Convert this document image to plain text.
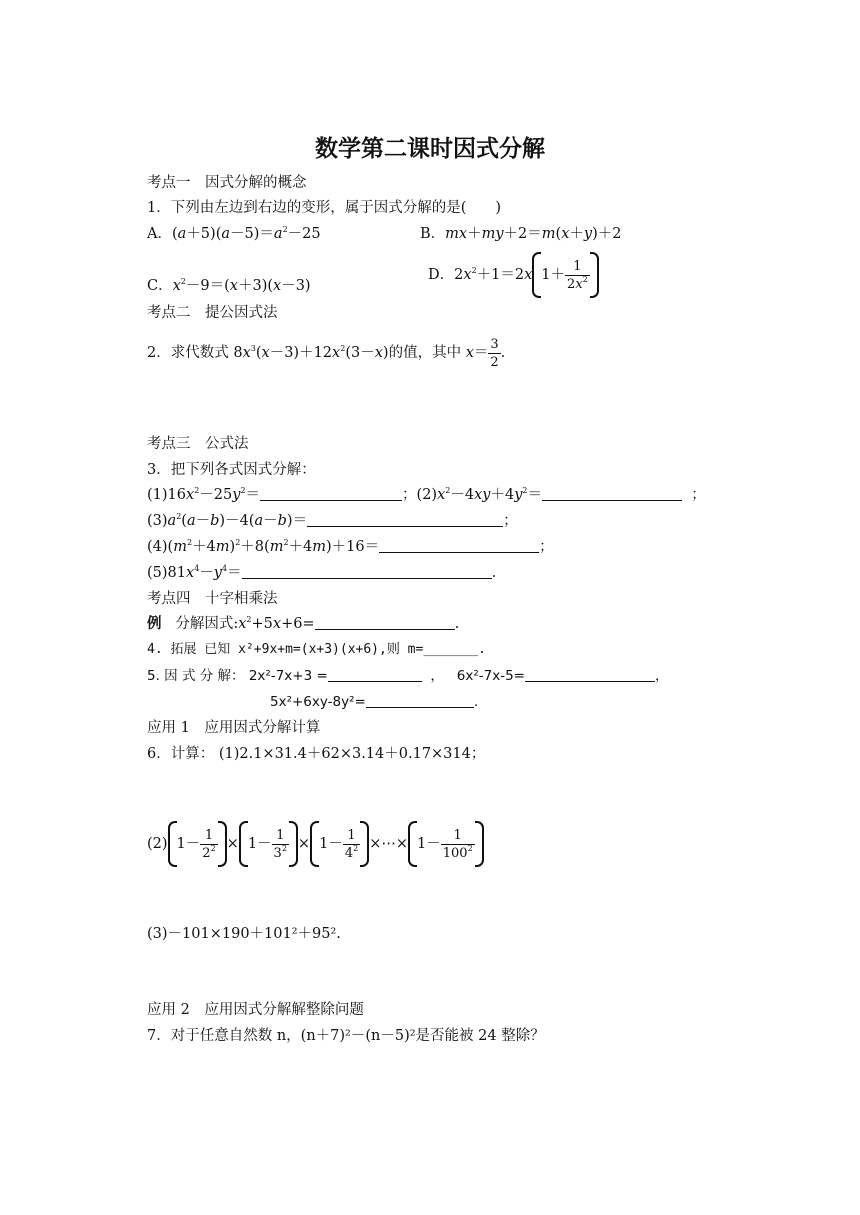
数学第二课时因式分解
考点一　因式分解的概念
1．下列由左边到右边的变形，属于因式分解的是(　　)
A．$(a+5)(a-5)=a^2-25$	B．mx＋my＋2＝m(x＋y)＋2
C．$x^2-9=(x+3)(x-3)$
D．$2x^2+1=2x$ $1+ \frac{1}{2x^2}$
考点二　提公因式法
2．求代数式 $8x^3(x-3)+12x^2(3-x)$的值，其中 $x= \frac{3}{2}$ .
考点三　公式法
3．把下列各式因式分解：
$(1)16x^2-25y^2=$	；$(2)x^2-4xy+4y^2=$	；
$(3)a^2(a-b)-4(a-b)=$	；
$(4)(m^2+4m)^2+8(m^2+4m)+16=$	；
$(5)81x^4-y^4=$	.
考点四　十字相乘法
例 分解因式$:x^2+5x+6=$	.
4. 拓展 已知 x²+9x+m=(x+3)(x+6),则 m=_______.
5. 因 式 分 解： 2x²-7x+3 =	，   6x²-7x-5=	，
5x²+6xy-8y²=	.
应用 1　应用因式分解计算
6．计算： (1)2.1×31.4＋62×3.14＋0.17×314；
(2) $1- \frac{1}{2^2} \times 1- \frac{1}{3^2} \times 1- \frac{1}{4^2}$ ×⋯× $1- \frac{1}{100^2}$
(3)－101×190＋101²＋95².
应用 2　应用因式分解解整除问题
7．对于任意自然数 n，(n＋7)²－(n－5)²是否能被 24 整除？
